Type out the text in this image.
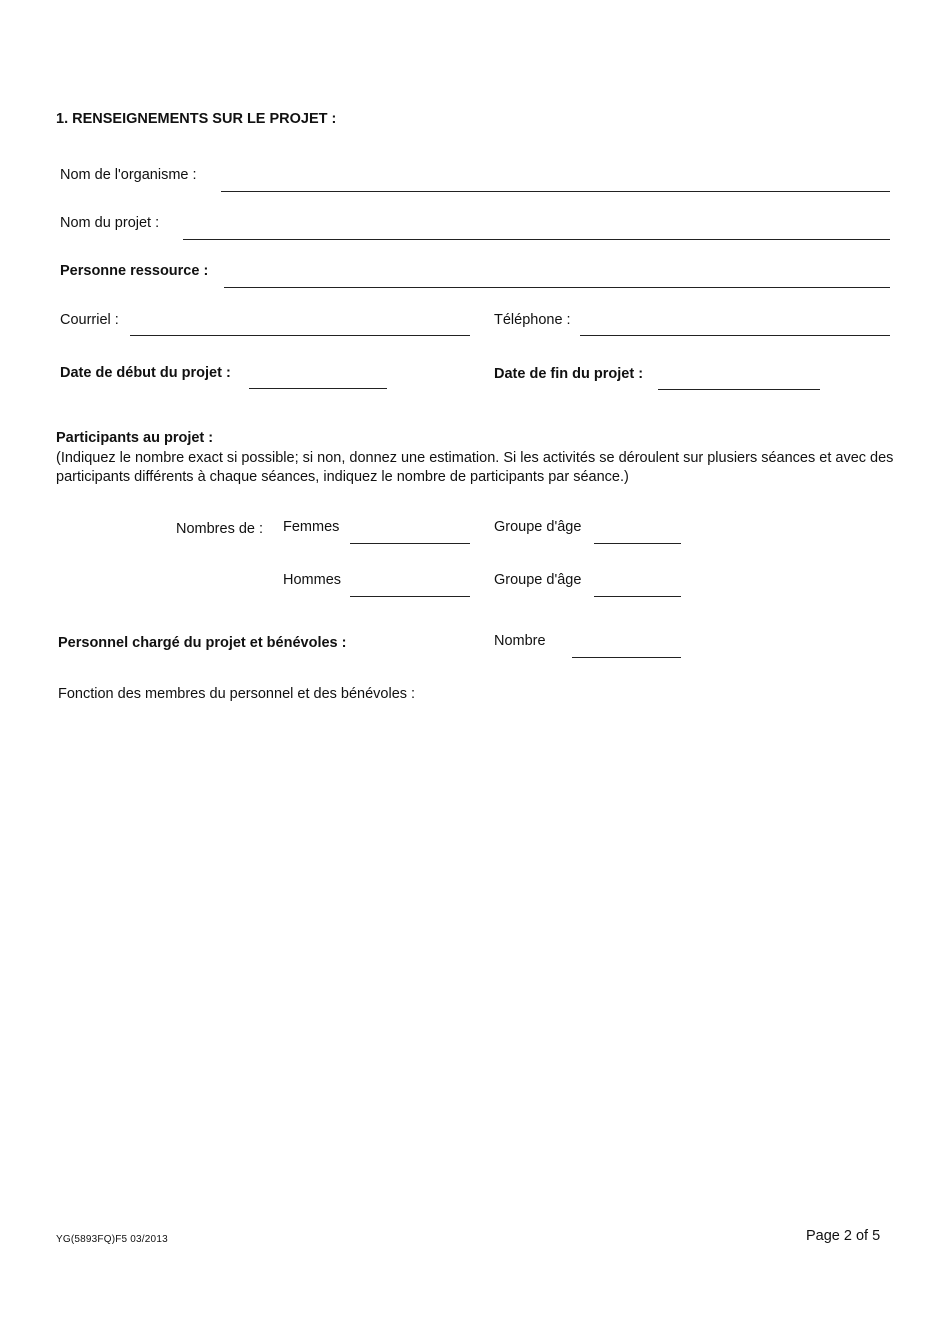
1. RENSEIGNEMENTS SUR LE PROJET :
Nom de l'organisme :
Nom du projet :
Personne ressource :
Courriel :	Téléphone :
Date de début du projet :	Date de fin du projet :
Participants au projet :
(Indiquez le nombre exact si possible; si non, donnez une estimation. Si les activités se déroulent sur plusiers séances et avec des participants différents à chaque séances, indiquez le nombre de participants par séance.)
Nombres de : Femmes	Groupe d'âge
Hommes	Groupe d'âge
Personnel chargé du projet et bénévoles :	Nombre
Fonction des membres du personnel et des bénévoles :
YG(5893FQ)F5 03/2013	Page 2 of 5
